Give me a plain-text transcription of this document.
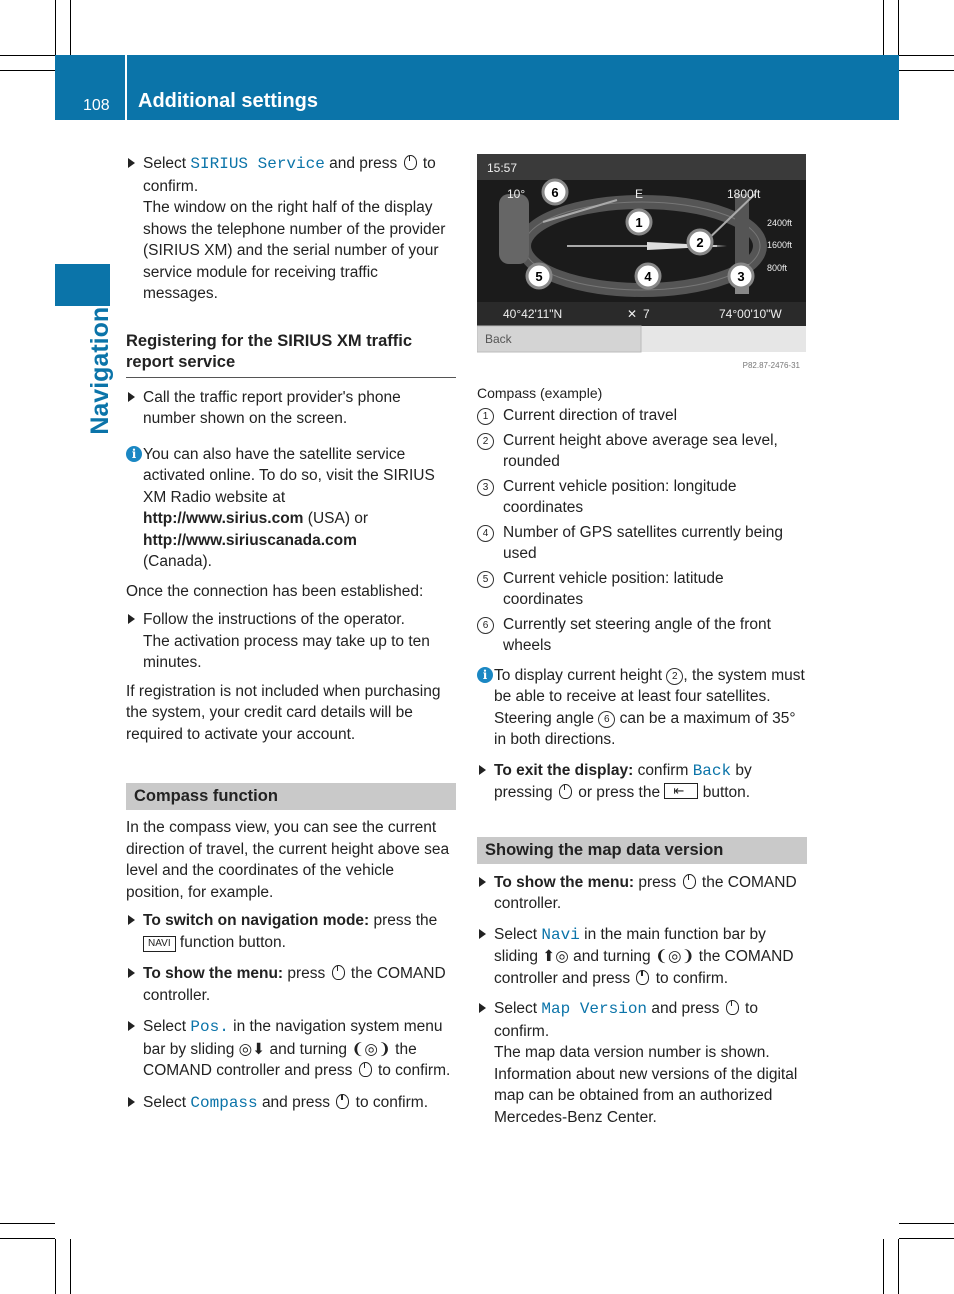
108 Additional settings
Navigation
Select SIRIUS Service and press to confirm.
The window on the right half of the display shows the telephone number of the provider (SIRIUS XM) and the serial number of your service module for receiving traffic messages.
Registering for the SIRIUS XM traffic report service
Call the traffic report provider's phone number shown on the screen.
i You can also have the satellite service activated online. To do so, visit the SIRIUS XM Radio website at
http://www.sirius.com (USA) or
http://www.siriuscanada.com
(Canada).

Once the connection has been established:

Follow the instructions of the operator.
The activation process may take up to ten minutes.

If registration is not included when purchasing the system, your credit card details will be required to activate your account.

Compass function

In the compass view, you can see the current direction of travel, the current height above sea level and the coordinates of the vehicle position, for example.

To switch on navigation mode: press the
NAVI function button.
To show the menu: press the COMAND controller.
Select Pos. in the navigation system menu bar by sliding ◎⬇ and turning ❨◎❩ the COMAND controller and press to confirm.
Select Compass and press to confirm.
6
1
2
3
4
5
15:57
E
10°	1800ft
2400ft
1600ft
800ft
40°42'11"N	✕ 7	74°00'10"W
Back
P82.87-2476-31

Compass (example)

1 Current direction of travel
2 Current height above average sea level, rounded
3 Current vehicle position: longitude coordinates
4 Number of GPS satellites currently being used
5 Current vehicle position: latitude coordinates
6 Currently set steering angle of the front wheels
i To display current height 2 , the system must be able to receive at least four satellites. Steering angle 6 can be a maximum of 35° in both directions.
To exit the display: confirm Back by pressing or press the ⇤	button.
Showing the map data version
To show the menu: press the COMAND controller.
Select Navi in the main function bar by sliding ⬆◎ and turning ❨◎❩ the COMAND controller and press to confirm.
Select Map Version and press to confirm.
The map data version number is shown. Information about new versions of the digital map can be obtained from an authorized Mercedes-Benz Center.
